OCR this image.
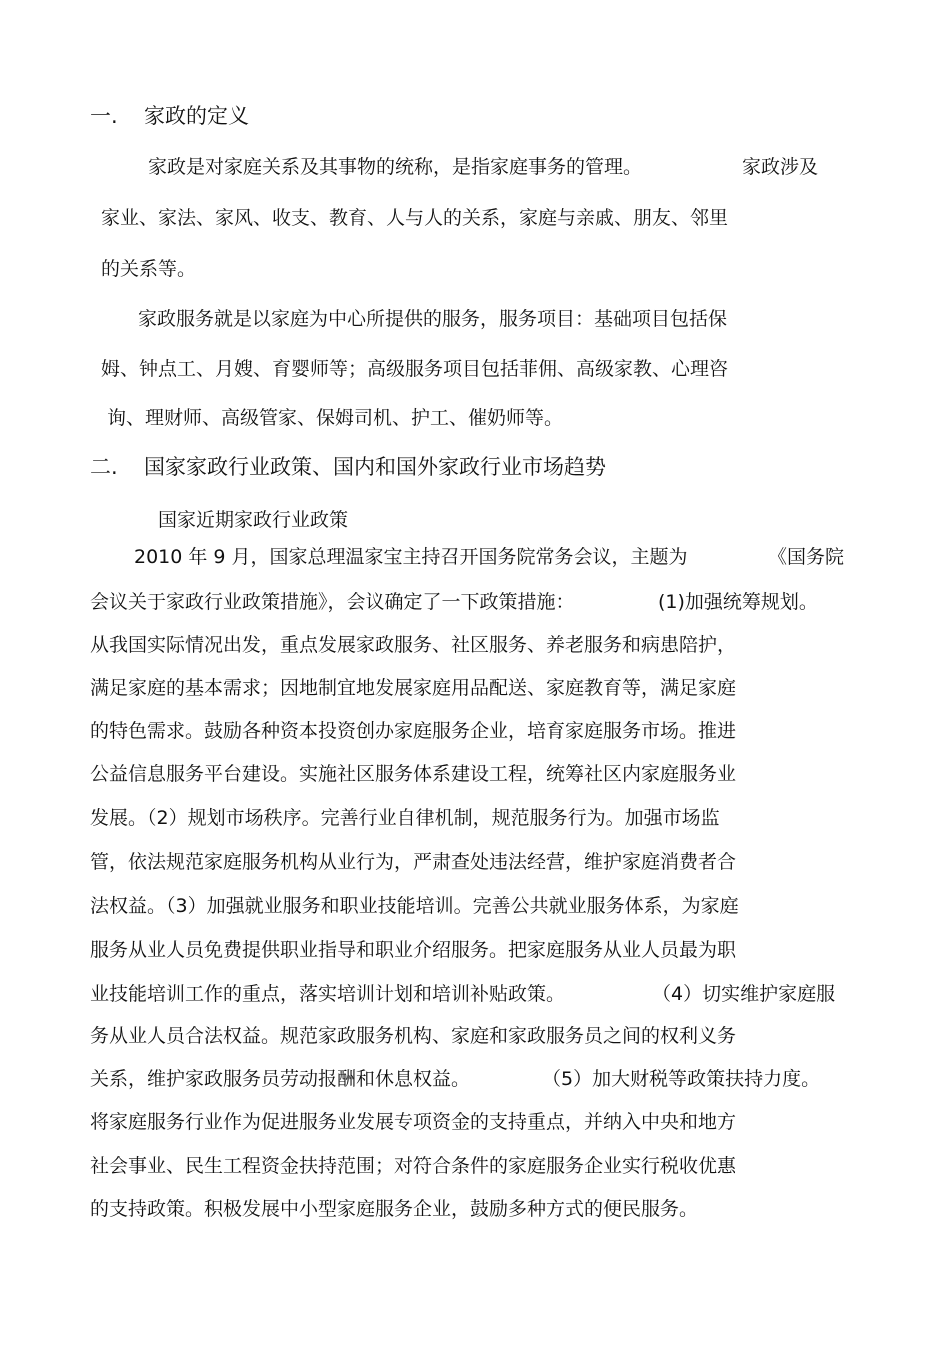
一. 家政的定义
家政是对家庭关系及其事物的统称，是指家庭事务的管理。	家政涉及
家业、家法、家风、收支、教育、人与人的关系，家庭与亲戚、朋友、邻里
的关系等。
家政服务就是以家庭为中心所提供的服务，服务项目：基础项目包括保
姆、钟点工、月嫂、育婴师等；高级服务项目包括菲佣、高级家教、心理咨
询、理财师、高级管家、保姆司机、护工、催奶师等。
二. 国家家政行业政策、国内和国外家政行业市场趋势
国家近期家政行业政策
2010 年 9 月，国家总理温家宝主持召开国务院常务会议，主题为	《国务院
会议关于家政行业政策措施》，会议确定了一下政策措施：	(1)加强统筹规划。
从我国实际情况出发，重点发展家政服务、社区服务、养老服务和病患陪护，
满足家庭的基本需求；因地制宜地发展家庭用品配送、家庭教育等，满足家庭
的特色需求。鼓励各种资本投资创办家庭服务企业，培育家庭服务市场。推进
公益信息服务平台建设。实施社区服务体系建设工程，统筹社区内家庭服务业
发展。（2）规划市场秩序。完善行业自律机制，规范服务行为。加强市场监
管，依法规范家庭服务机构从业行为，严肃查处违法经营，维护家庭消费者合
法权益。（3）加强就业服务和职业技能培训。完善公共就业服务体系，为家庭
服务从业人员免费提供职业指导和职业介绍服务。把家庭服务从业人员最为职
业技能培训工作的重点，落实培训计划和培训补贴政策。	（4）切实维护家庭服
务从业人员合法权益。规范家政服务机构、家庭和家政服务员之间的权利义务
关系，维护家政服务员劳动报酬和休息权益。	（5）加大财税等政策扶持力度。
将家庭服务行业作为促进服务业发展专项资金的支持重点，并纳入中央和地方
社会事业、民生工程资金扶持范围；对符合条件的家庭服务企业实行税收优惠
的支持政策。积极发展中小型家庭服务企业，鼓励多种方式的便民服务。
